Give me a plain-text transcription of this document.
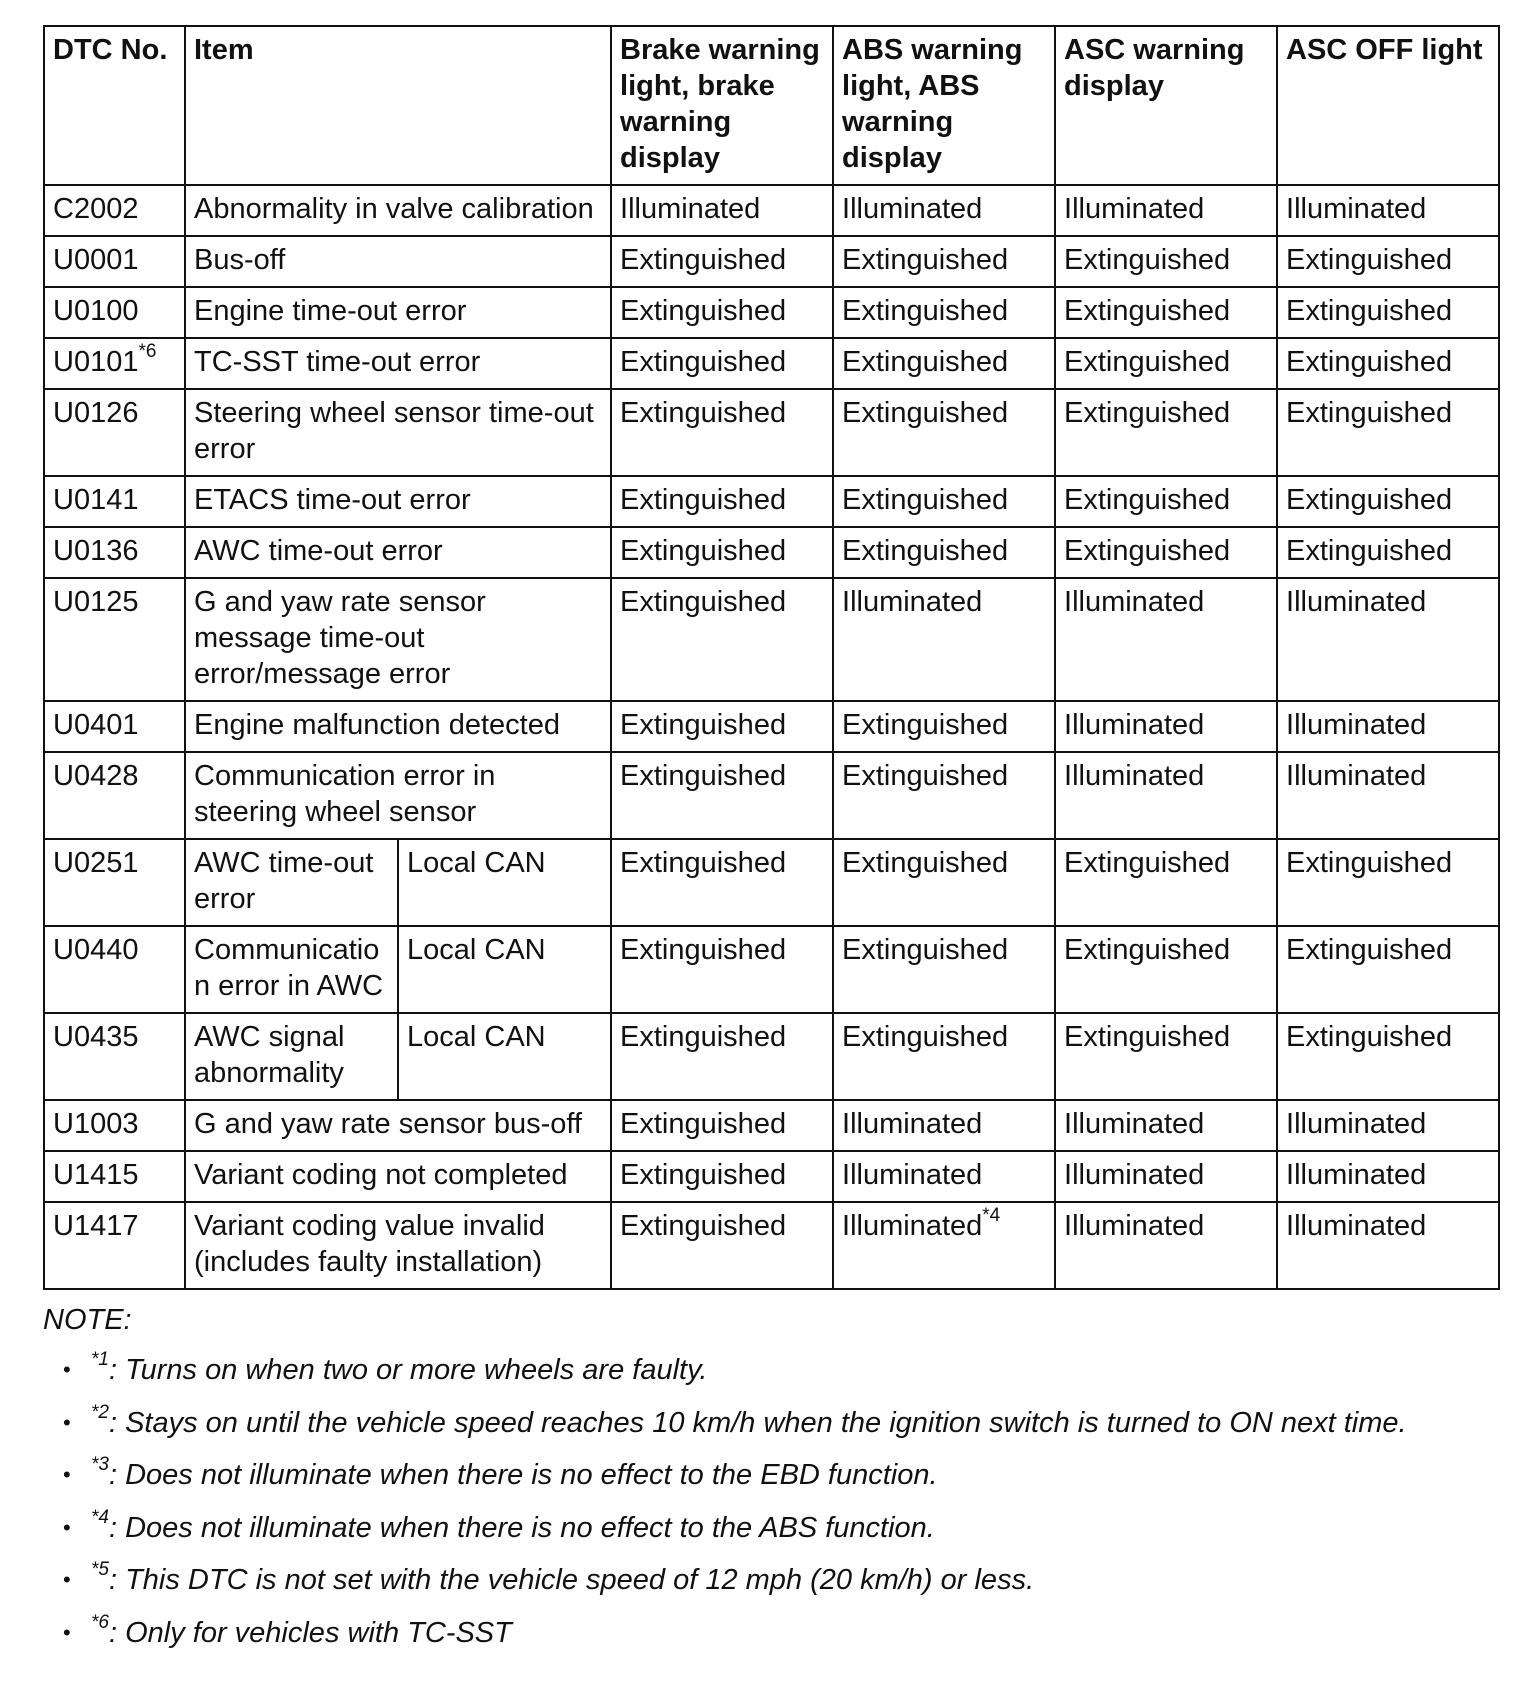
DTC No.	Item		Brake warning light, brake warning display	ABS warning light, ABS warning display	ASC warning display	ASC OFF light
C2002	Abnormality in valve calibration		Illuminated	Illuminated	Illuminated	Illuminated
U0001	Bus-off		Extinguished	Extinguished	Extinguished	Extinguished
U0100	Engine time-out error		Extinguished	Extinguished	Extinguished	Extinguished
U0101$^{*6}$	TC-SST time-out error		Extinguished	Extinguished	Extinguished	Extinguished
U0126	Steering wheel sensor time-out error		Extinguished	Extinguished	Extinguished	Extinguished
U0141	ETACS time-out error		Extinguished	Extinguished	Extinguished	Extinguished
U0136	AWC time-out error		Extinguished	Extinguished	Extinguished	Extinguished
U0125	G and yaw rate sensor message time-out error/message error		Extinguished	Illuminated	Illuminated	Illuminated
U0401	Engine malfunction detected		Extinguished	Extinguished	Illuminated	Illuminated
U0428	Communication error in steering wheel sensor		Extinguished	Extinguished	Illuminated	Illuminated
U0251	AWC time-out error	Local CAN	Extinguished	Extinguished	Extinguished	Extinguished
U0440	Communication error in AWC	Local CAN	Extinguished	Extinguished	Extinguished	Extinguished
U0435	AWC signal abnormality	Local CAN	Extinguished	Extinguished	Extinguished	Extinguished
U1003	G and yaw rate sensor bus-off		Extinguished	Illuminated	Illuminated	Illuminated
U1415	Variant coding not completed		Extinguished	Illuminated	Illuminated	Illuminated
U1417	Variant coding value invalid (includes faulty installation)		Extinguished	Illuminated$^{*4}$	Illuminated	Illuminated
NOTE:
• $^{*1}$: Turns on when two or more wheels are faulty.
• $^{*2}$: Stays on until the vehicle speed reaches 10 km/h when the ignition switch is turned to ON next time.
• $^{*3}$: Does not illuminate when there is no effect to the EBD function.
• $^{*4}$: Does not illuminate when there is no effect to the ABS function.
• $^{*5}$: This DTC is not set with the vehicle speed of 12 mph (20 km/h) or less.
• $^{*6}$: Only for vehicles with TC-SST
